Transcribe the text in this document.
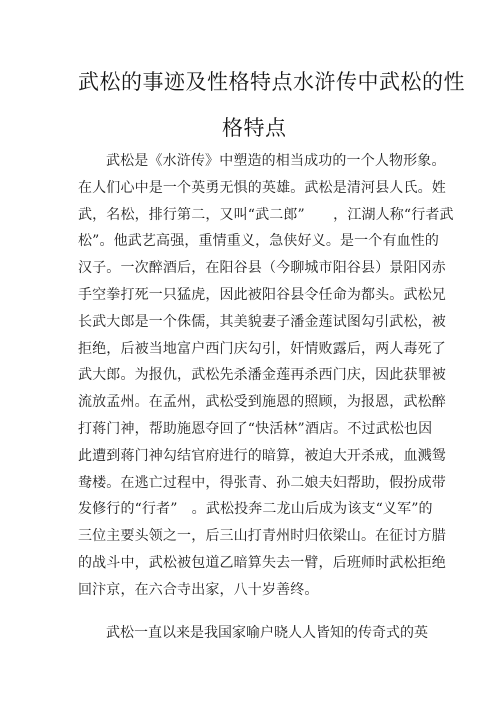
武松的事迹及性格特点水浒传中武松的性
格特点
武松是《水浒传》中塑造的相当成功的一个人物形象。
在人们心中是一个英勇无惧的英雄。武松是清河县人氏。姓
武，名松，排行第二，又叫“武二郎”　　，江湖人称“行者武
松”。他武艺高强，重情重义，急侠好义。是一个有血性的
汉子。一次醉酒后，在阳谷县（今聊城市阳谷县）景阳冈赤
手空拳打死一只猛虎，因此被阳谷县令任命为都头。武松兄
长武大郎是一个侏儒，其美貌妻子潘金莲试图勾引武松，被
拒绝，后被当地富户西门庆勾引，奸情败露后，两人毒死了
武大郎。为报仇，武松先杀潘金莲再杀西门庆，因此获罪被
流放孟州。在孟州，武松受到施恩的照顾，为报恩，武松醉
打蒋门神，帮助施恩夺回了“快活林”酒店。不过武松也因
此遭到蒋门神勾结官府进行的暗算，被迫大开杀戒，血溅鸳
鸯楼。在逃亡过程中，得张青、孙二娘夫妇帮助，假扮成带
发修行的“行者”　。武松投奔二龙山后成为该支“义军”的
三位主要头领之一，后三山打青州时归依梁山。在征讨方腊
的战斗中，武松被包道乙暗算失去一臂，后班师时武松拒绝
回汴京，在六合寺出家，八十岁善终。
武松一直以来是我国家喻户晓人人皆知的传奇式的英
